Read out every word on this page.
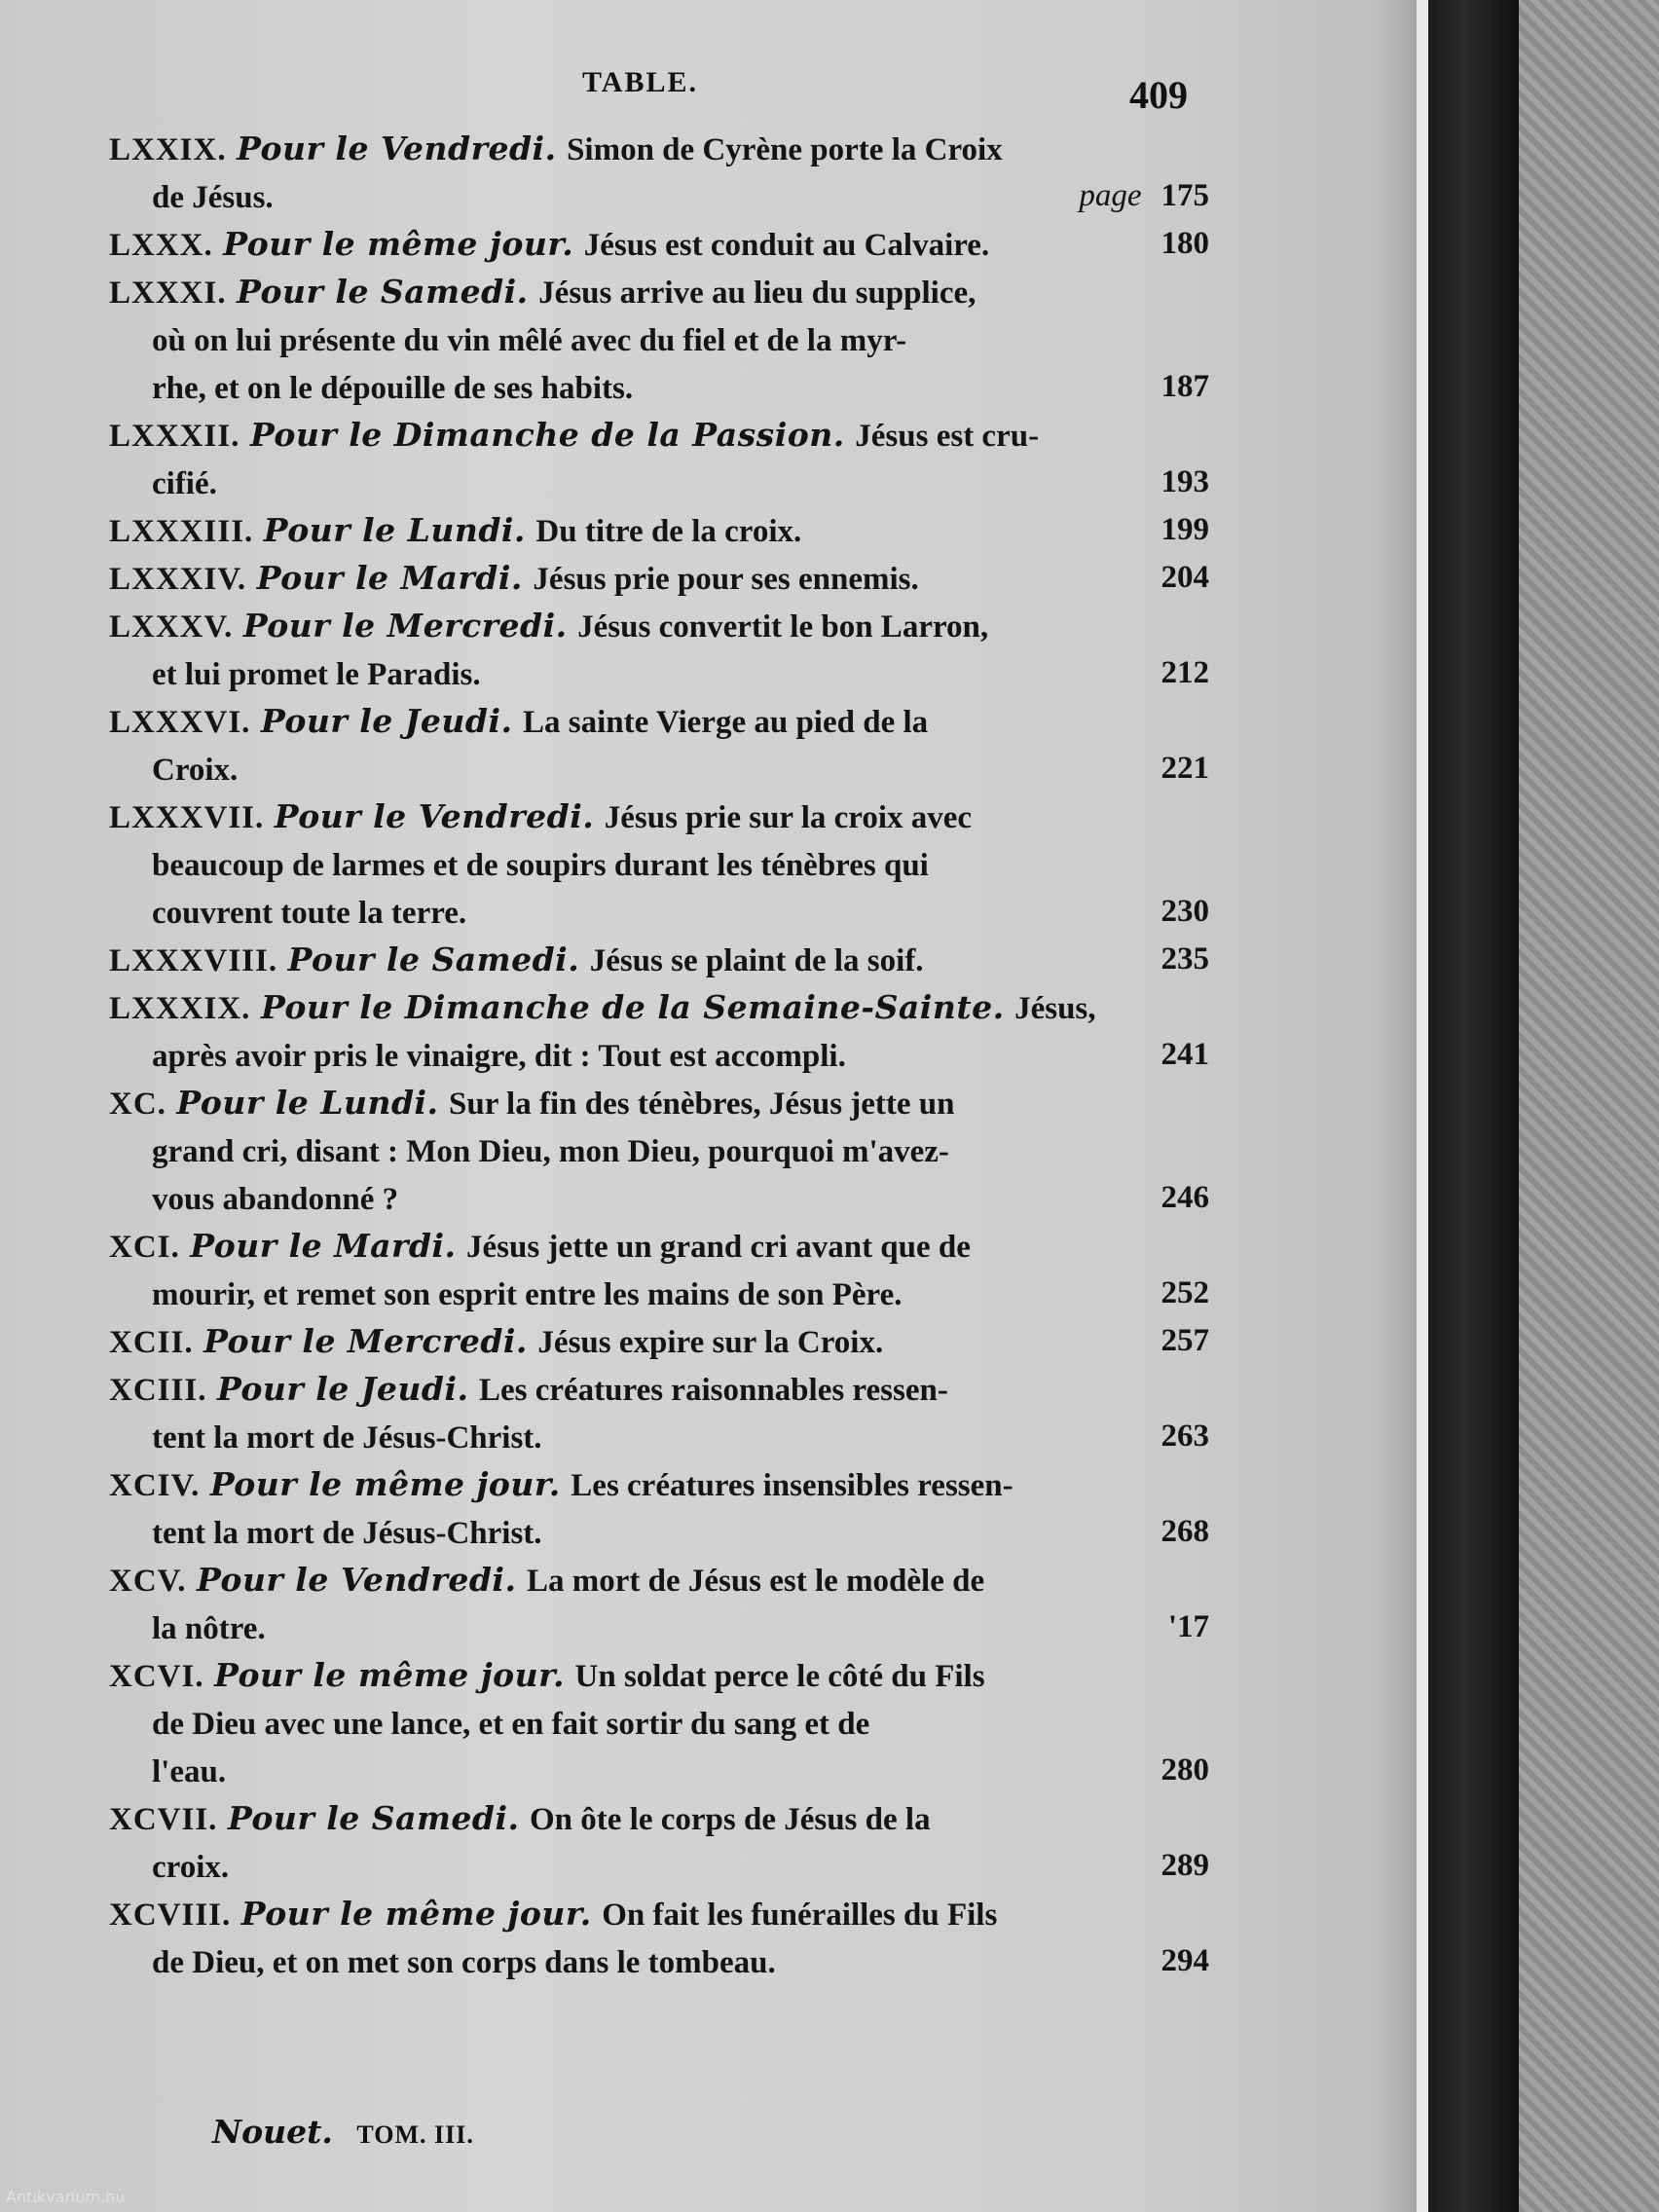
TABLE.	409
LXXIX. Pour le Vendredi. Simon de Cyrène porte la Croix
de Jésus.	page 175
LXXX. Pour le même jour. Jésus est conduit au Calvaire.	180
LXXXI. Pour le Samedi. Jésus arrive au lieu du supplice,
où on lui présente du vin mêlé avec du fiel et de la myr-
rhe, et on le dépouille de ses habits.	187
LXXXII. Pour le Dimanche de la Passion. Jésus est cru-
cifié.	193
LXXXIII. Pour le Lundi. Du titre de la croix.	199
LXXXIV. Pour le Mardi. Jésus prie pour ses ennemis.	204
LXXXV. Pour le Mercredi. Jésus convertit le bon Larron,
et lui promet le Paradis.	212
LXXXVI. Pour le Jeudi. La sainte Vierge au pied de la
Croix.	221
LXXXVII. Pour le Vendredi. Jésus prie sur la croix avec
beaucoup de larmes et de soupirs durant les ténèbres qui
couvrent toute la terre.	230
LXXXVIII. Pour le Samedi. Jésus se plaint de la soif.	235
LXXXIX. Pour le Dimanche de la Semaine-Sainte. Jésus,
après avoir pris le vinaigre, dit : Tout est accompli.	241
XC. Pour le Lundi. Sur la fin des ténèbres, Jésus jette un
grand cri, disant : Mon Dieu, mon Dieu, pourquoi m'avez-
vous abandonné ?	246
XCI. Pour le Mardi. Jésus jette un grand cri avant que de
mourir, et remet son esprit entre les mains de son Père.	252
XCII. Pour le Mercredi. Jésus expire sur la Croix.	257
XCIII. Pour le Jeudi. Les créatures raisonnables ressen-
tent la mort de Jésus-Christ.	263
XCIV. Pour le même jour. Les créatures insensibles ressen-
tent la mort de Jésus-Christ.	268
XCV. Pour le Vendredi. La mort de Jésus est le modèle de
la nôtre.	'17
XCVI. Pour le même jour. Un soldat perce le côté du Fils
de Dieu avec une lance, et en fait sortir du sang et de
l'eau.	280
XCVII. Pour le Samedi. On ôte le corps de Jésus de la
croix.	289
XCVIII. Pour le même jour. On fait les funérailles du Fils
de Dieu, et on met son corps dans le tombeau.	294
Nouet. TOM. III.
Antikvarium.hu
